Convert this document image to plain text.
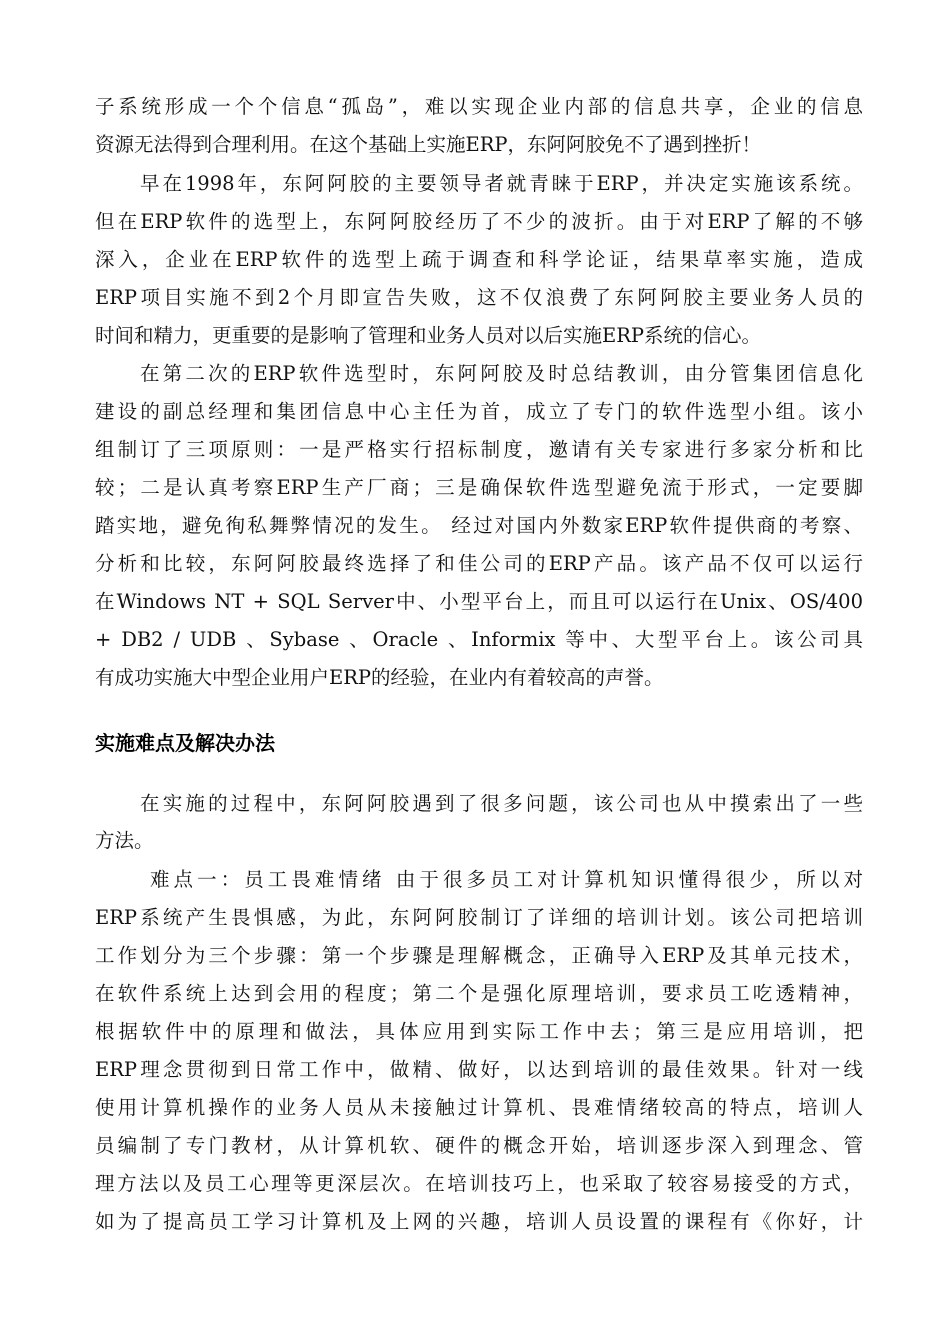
子系统形成一个个信息“孤岛”，难以实现企业内部的信息共享，企业的信息
资源无法得到合理利用。在这个基础上实施ERP，东阿阿胶免不了遇到挫折！
早在1998年，东阿阿胶的主要领导者就青睐于ERP，并决定实施该系统。
但在ERP软件的选型上，东阿阿胶经历了不少的波折。由于对ERP了解的不够
深入，企业在ERP软件的选型上疏于调查和科学论证，结果草率实施，造成
ERP项目实施不到2个月即宣告失败，这不仅浪费了东阿阿胶主要业务人员的
时间和精力，更重要的是影响了管理和业务人员对以后实施ERP系统的信心。
在第二次的ERP软件选型时，东阿阿胶及时总结教训，由分管集团信息化
建设的副总经理和集团信息中心主任为首，成立了专门的软件选型小组。该小
组制订了三项原则：一是严格实行招标制度，邀请有关专家进行多家分析和比
较；二是认真考察ERP生产厂商；三是确保软件选型避免流于形式，一定要脚
踏实地，避免徇私舞弊情况的发生。 经过对国内外数家ERP软件提供商的考察、
分析和比较，东阿阿胶最终选择了和佳公司的ERP产品。该产品不仅可以运行
在Windows NT + SQL Server中、小型平台上，而且可以运行在Unix、OS/400
+ DB2 / UDB 、Sybase 、Oracle 、Informix 等中、大型平台上。该公司具
有成功实施大中型企业用户ERP的经验，在业内有着较高的声誉。
实施难点及解决办法
在实施的过程中，东阿阿胶遇到了很多问题，该公司也从中摸索出了一些
方法。
难点一：员工畏难情绪 由于很多员工对计算机知识懂得很少，所以对
ERP系统产生畏惧感，为此，东阿阿胶制订了详细的培训计划。该公司把培训
工作划分为三个步骤：第一个步骤是理解概念，正确导入ERP及其单元技术，
在软件系统上达到会用的程度；第二个是强化原理培训，要求员工吃透精神，
根据软件中的原理和做法，具体应用到实际工作中去；第三是应用培训，把
ERP理念贯彻到日常工作中，做精、做好，以达到培训的最佳效果。针对一线
使用计算机操作的业务人员从未接触过计算机、畏难情绪较高的特点，培训人
员编制了专门教材，从计算机软、硬件的概念开始，培训逐步深入到理念、管
理方法以及员工心理等更深层次。在培训技巧上，也采取了较容易接受的方式，
如为了提高员工学习计算机及上网的兴趣，培训人员设置的课程有《你好，计
